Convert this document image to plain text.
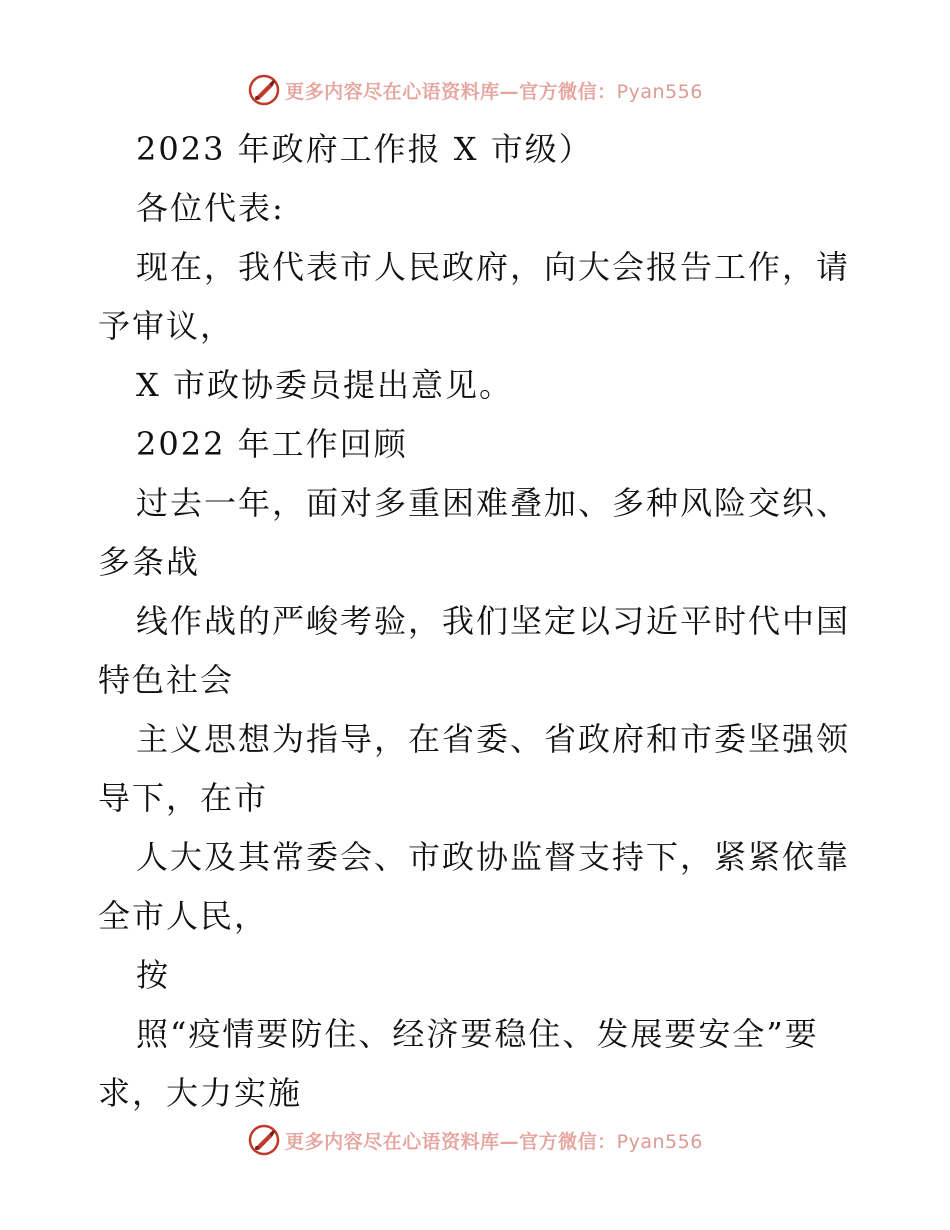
更多内容尽在心语资料库—官方微信：Pyan556
2023 年政府工作报 X 市级）
各位代表:
现在，我代表市人民政府，向大会报告工作，请
予审议，
X 市政协委员提出意见。
2022 年工作回顾
过去一年，面对多重困难叠加、多种风险交织、
多条战
线作战的严峻考验，我们坚定以习近平时代中国
特色社会
主义思想为指导，在省委、省政府和市委坚强领
导下，在市
人大及其常委会、市政协监督支持下，紧紧依靠
全市人民，
按
照“疫情要防住、经济要稳住、发展要安全”要
求，大力实施
更多内容尽在心语资料库—官方微信：Pyan556
